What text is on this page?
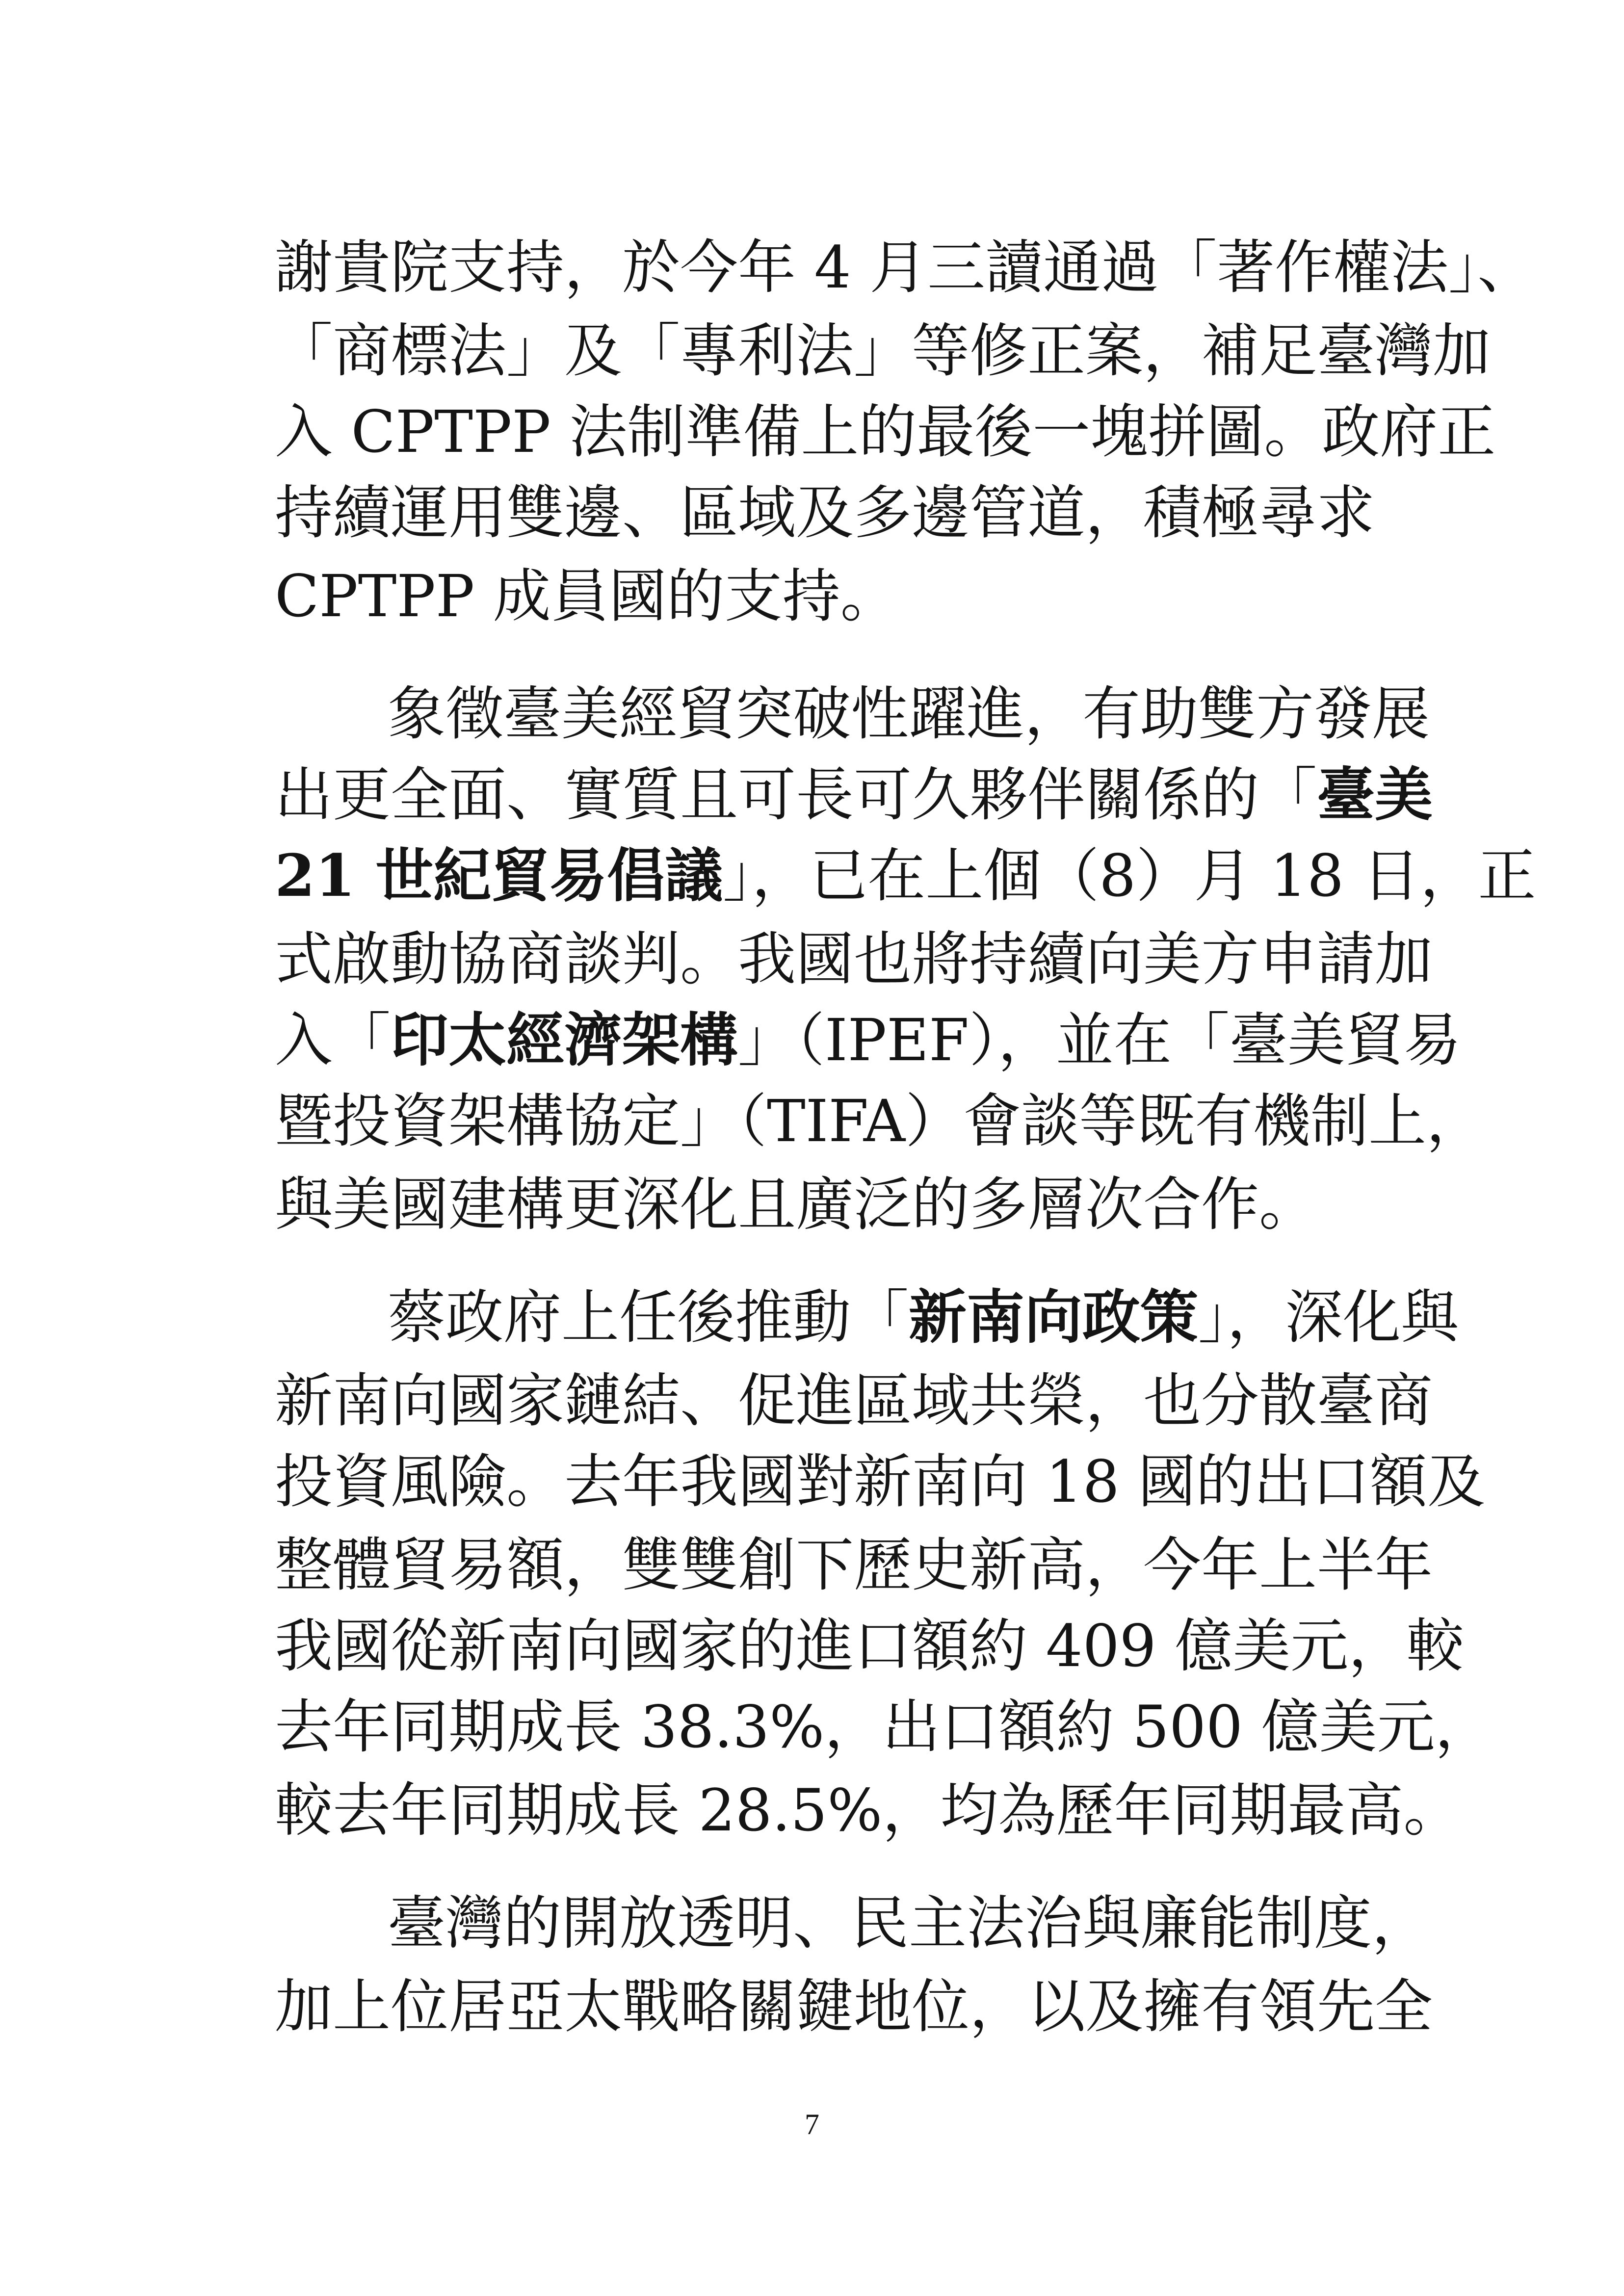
謝貴院支持，於今年 4 月三讀通過「著作權法」、
「商標法」及「專利法」等修正案，補足臺灣加
入 CPTPP 法制準備上的最後一塊拼圖。政府正
持續運用雙邊、區域及多邊管道，積極尋求
CPTPP 成員國的支持。
象徵臺美經貿突破性躍進，有助雙方發展
出更全面、實質且可長可久夥伴關係的「臺美
21 世紀貿易倡議」，已在上個（8）月 18 日，正
式啟動協商談判。我國也將持續向美方申請加
入「印太經濟架構」（IPEF），並在「臺美貿易
暨投資架構協定」（TIFA）會談等既有機制上，
與美國建構更深化且廣泛的多層次合作。
蔡政府上任後推動「新南向政策」，深化與
新南向國家鏈結、促進區域共榮，也分散臺商
投資風險。去年我國對新南向 18 國的出口額及
整體貿易額，雙雙創下歷史新高，今年上半年
我國從新南向國家的進口額約 409 億美元，較
去年同期成長 38.3%，出口額約 500 億美元，
較去年同期成長 28.5%，均為歷年同期最高。
臺灣的開放透明、民主法治與廉能制度，
加上位居亞太戰略關鍵地位，以及擁有領先全
7
